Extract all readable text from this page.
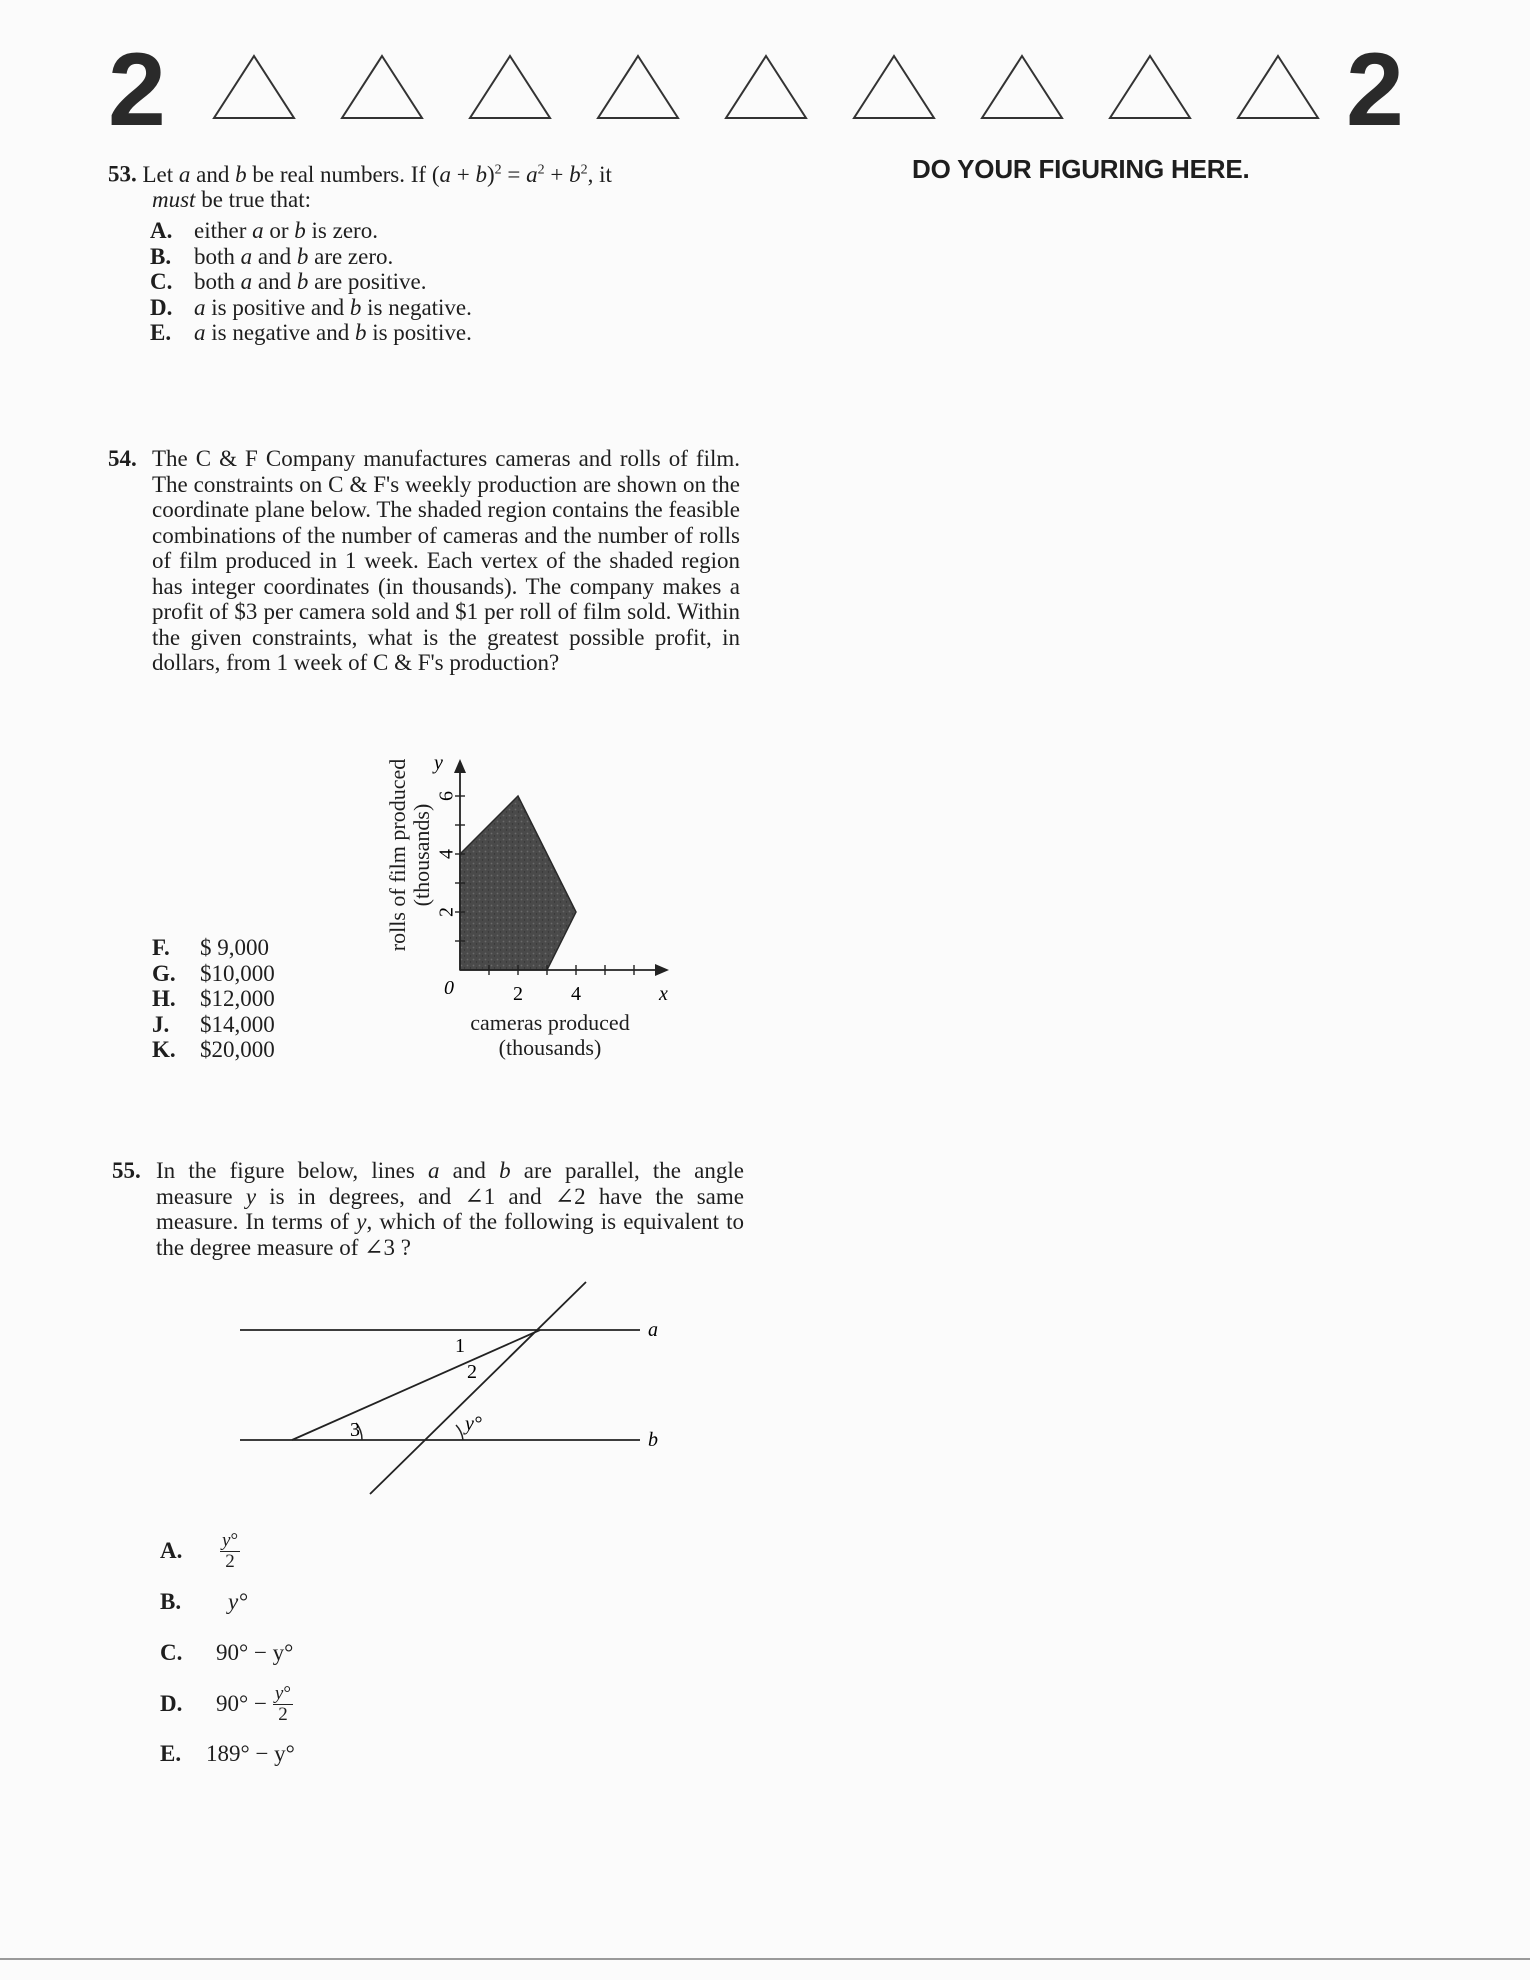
2	2
DO YOUR FIGURING HERE.
53. Let a and b be real numbers. If $(a + b)^2 = a^2 + b^2$, it
must be true that:
A. either a or b is zero.
B. both a and b are zero.
C. both a and b are positive.
D. a is positive and b is negative.
E. a is negative and b is positive.
54. The C & F Company manufactures cameras and rolls of film. The constraints on C & F's weekly production are shown on the coordinate plane below. The shaded region contains the feasible combinations of the number of cameras and the number of rolls of film produced in 1 week. Each vertex of the shaded region has integer coordinates (in thousands). The company makes a profit of $3 per camera sold and $1 per roll of film sold. Within the given constraints, what is the greatest possible profit, in dollars, from 1 week of C & F's production?
2 4
2
4
6
0	x
y
rolls of film produced (thousands)
cameras produced
(thousands)
F. $ 9,000
G. $10,000
H. $12,000
J. $14,000
K. $20,000
55. In the figure below, lines a and b are parallel, the angle measure y is in degrees, and ∠1 and ∠2 have the same measure. In terms of y, which of the following is equivalent to the degree measure of ∠3 ?
1
2
3	y°
a
b
A.	$\frac{y^\circ}{2}$
B.	y°
C.	90° − y°
D.	$90^\circ - \frac{y^\circ}{2}$
E.	189° − y°
